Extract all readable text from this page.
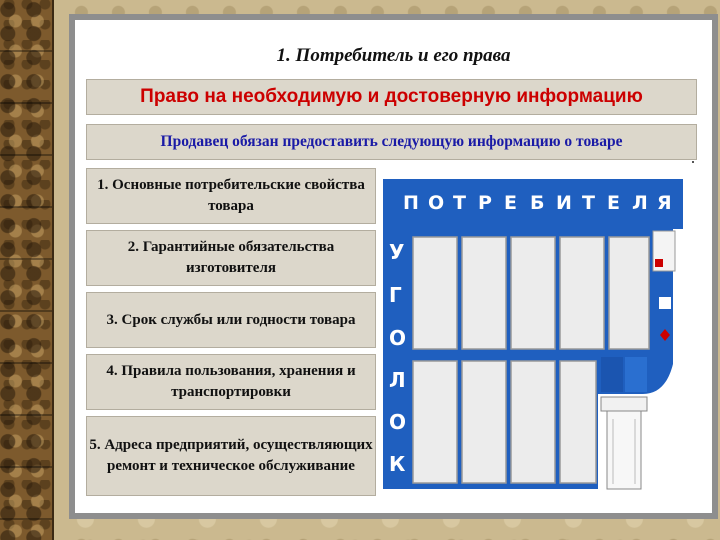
1. Потребитель и его права
Право на необходимую и достоверную информацию
Продавец обязан предоставить следующую информацию о товаре
1. Основные потребительские свойства товара
2. Гарантийные обязательства изготовителя
3. Срок службы или годности товара
4. Правила пользования, хранения и транспортировки
5. Адреса предприятий, осуществляющих ремонт и техническое обслуживание
П О Т Р Е Б И Т Е Л Я
У
Г
О
Л
О
К
